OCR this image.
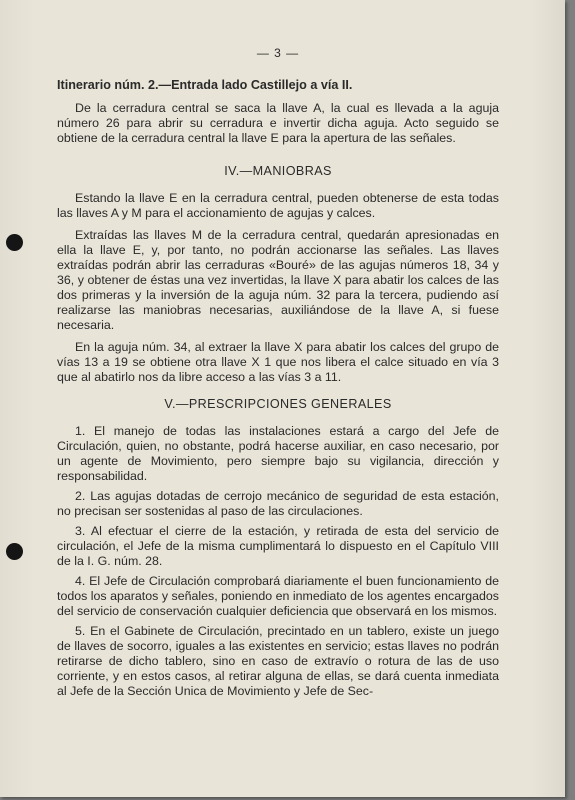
— 3 —

Itinerario núm. 2.—Entrada lado Castillejo a vía II.

De la cerradura central se saca la llave A, la cual es llevada a la aguja número 26 para abrir su cerradura e invertir dicha aguja. Acto seguido se obtiene de la cerradura central la llave E para la apertura de las señales.

IV.—MANIOBRAS

Estando la llave E en la cerradura central, pueden obtenerse de esta todas las llaves A y M para el accionamiento de agujas y calces.

Extraídas las llaves M de la cerradura central, quedarán apresionadas en ella la llave E, y, por tanto, no podrán accionarse las señales. Las llaves extraídas podrán abrir las cerraduras «Bouré» de las agujas números 18, 34 y 36, y obtener de éstas una vez invertidas, la llave X para abatir los calces de las dos primeras y la inversión de la aguja núm. 32 para la tercera, pudiendo así realizarse las maniobras necesarias, auxiliándose de la llave A, si fuese necesaria.

En la aguja núm. 34, al extraer la llave X para abatir los calces del grupo de vías 13 a 19 se obtiene otra llave X 1 que nos libera el calce situado en vía 3 que al abatirlo nos da libre acceso a las vías 3 a 11.

V.—PRESCRIPCIONES GENERALES

1. El manejo de todas las instalaciones estará a cargo del Jefe de Circulación, quien, no obstante, podrá hacerse auxiliar, en caso necesario, por un agente de Movimiento, pero siempre bajo su vigilancia, dirección y responsabilidad.

2. Las agujas dotadas de cerrojo mecánico de seguridad de esta estación, no precisan ser sostenidas al paso de las circulaciones.

3. Al efectuar el cierre de la estación, y retirada de esta del servicio de circulación, el Jefe de la misma cumplimentará lo dispuesto en el Capítulo VIII de la I. G. núm. 28.

4. El Jefe de Circulación comprobará diariamente el buen funcionamiento de todos los aparatos y señales, poniendo en inmediato de los agentes encargados del servicio de conservación cualquier deficiencia que observará en los mismos.

5. En el Gabinete de Circulación, precintado en un tablero, existe un juego de llaves de socorro, iguales a las existentes en servicio; estas llaves no podrán retirarse de dicho tablero, sino en caso de extravío o rotura de las de uso corriente, y en estos casos, al retirar alguna de ellas, se dará cuenta inmediata al Jefe de la Sección Unica de Movimiento y Jefe de Sec-
